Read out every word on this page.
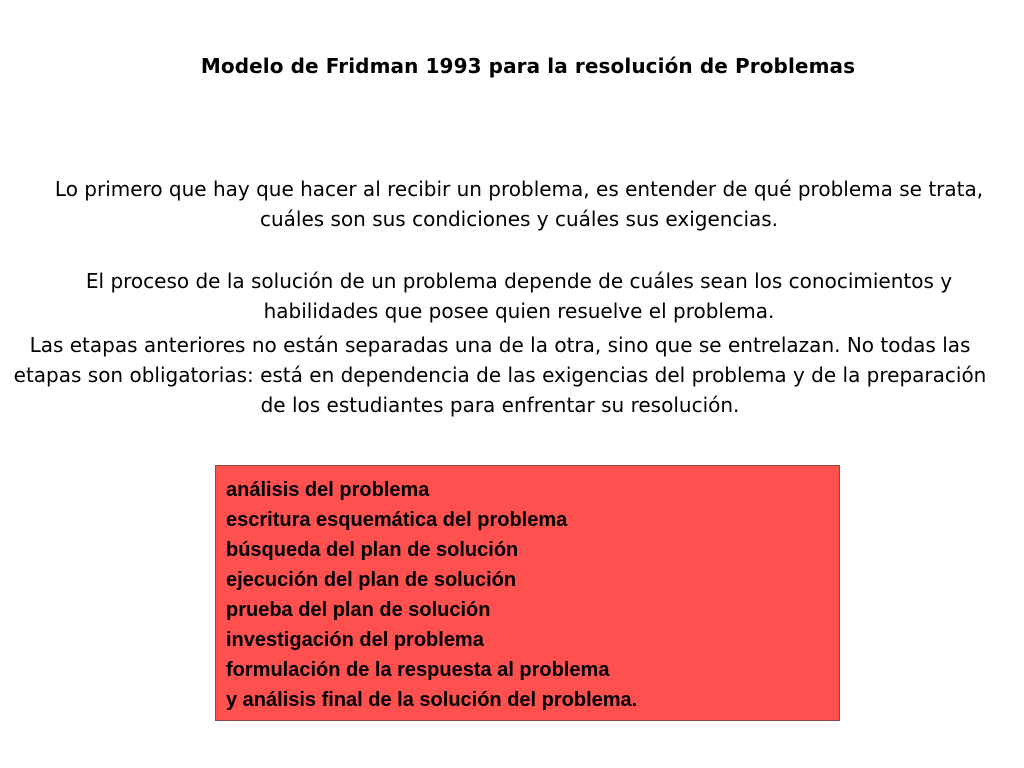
Modelo de Fridman 1993 para la resolución de Problemas
Lo primero que hay que hacer al recibir un problema, es entender de qué problema se trata, cuáles son sus condiciones y cuáles sus exigencias.
El proceso de la solución de un problema depende de cuáles sean los conocimientos y habilidades que posee quien resuelve el problema.
Las etapas anteriores no están separadas una de la otra, sino que se entrelazan. No todas las etapas son obligatorias: está en dependencia de las exigencias del problema y de la preparación de los estudiantes para enfrentar su resolución.
análisis del problema
escritura esquemática del problema
búsqueda del plan de solución
ejecución del plan de solución
prueba del plan de solución
investigación del problema
formulación de la respuesta al problema
y análisis final de la solución del problema.
